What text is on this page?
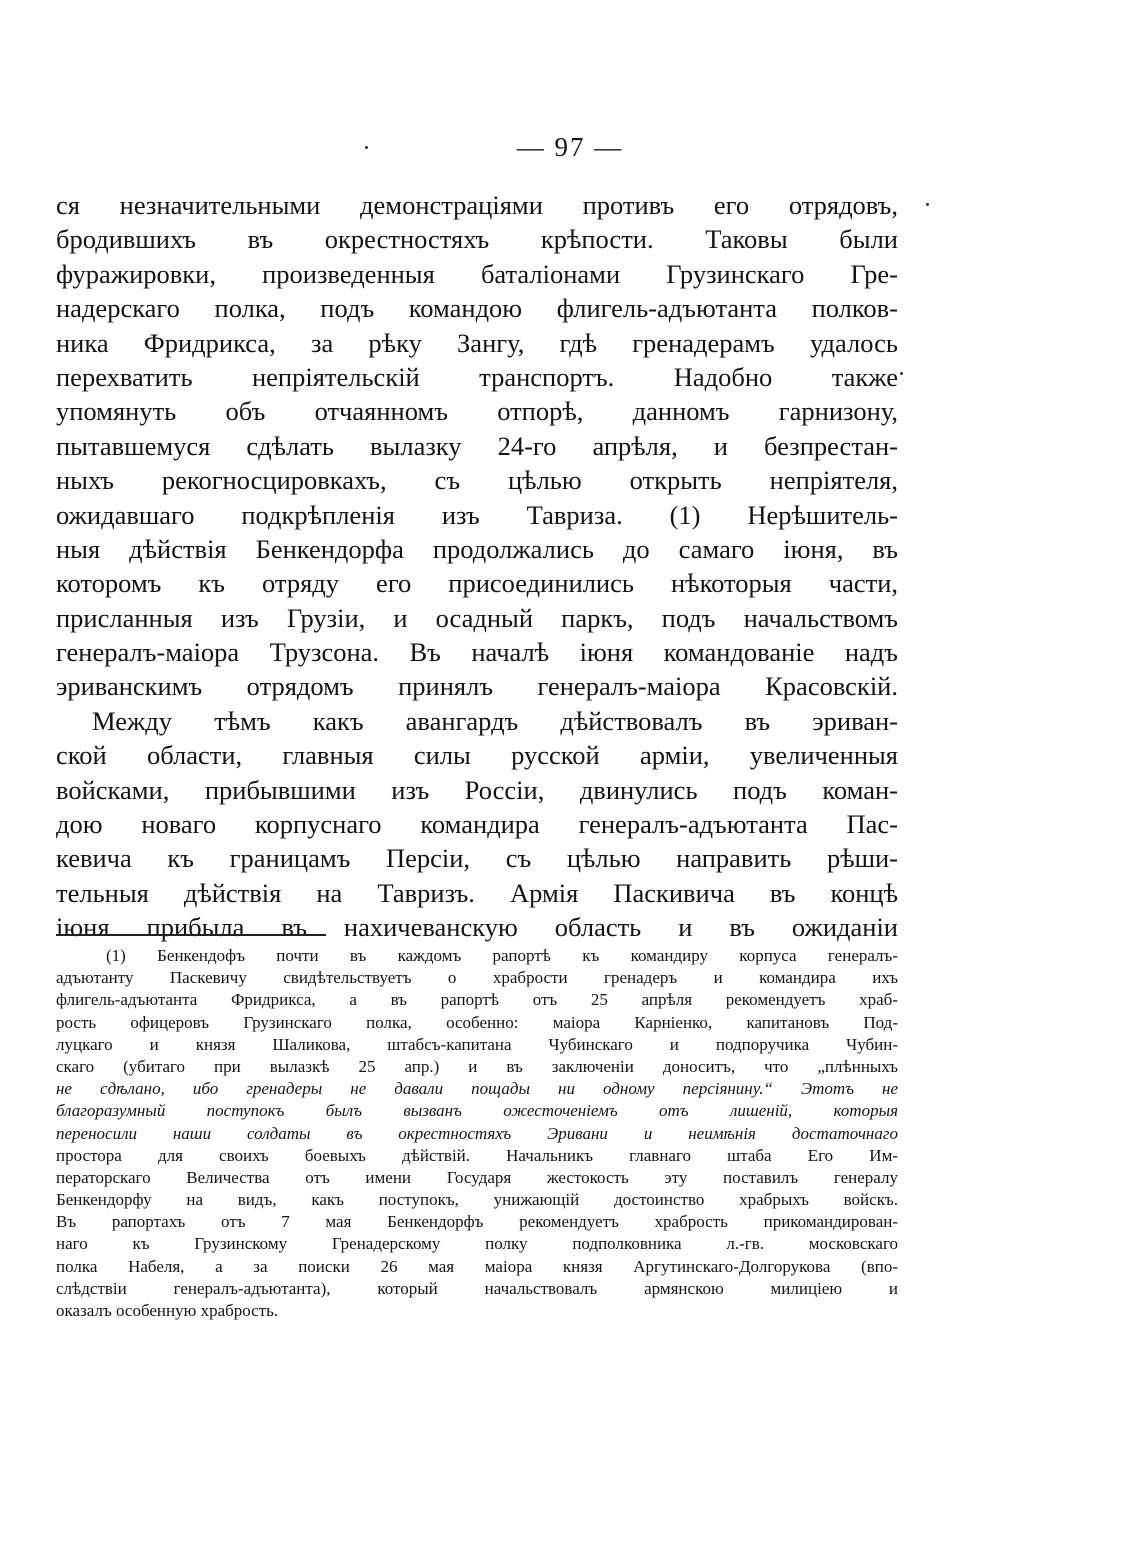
— 97 —
ся незначительными демонстраціями противъ его отрядовъ,
бродившихъ въ окрестностяхъ крѣпости. Таковы были
фуражировки, произведенныя баталіонами Грузинскаго Гре-
надерскаго полка, подъ командою флигель-адъютанта полков-
ника Фридрикса, за рѣку Зангу, гдѣ гренадерамъ удалось
перехватить непріятельскій транспортъ. Надобно также
упомянуть объ отчаянномъ отпорѣ, данномъ гарнизону,
пытавшемуся сдѣлать вылазку 24-го апрѣля, и безпрестан-
ныхъ рекогносцировкахъ, съ цѣлью открыть непріятеля,
ожидавшаго подкрѣпленія изъ Тавриза. (1) Нерѣшитель-
ныя дѣйствія Бенкендорфа продолжались до самаго іюня, въ
которомъ къ отряду его присоединились нѣкоторыя части,
присланныя изъ Грузіи, и осадный паркъ, подъ начальствомъ
генералъ-маіора Трузсона. Въ началѣ іюня командованіе надъ
эриванскимъ отрядомъ принялъ генералъ-маіора Красовскій.
Между тѣмъ какъ авангардъ дѣйствовалъ въ эриван-
ской области, главныя силы русской арміи, увеличенныя
войсками, прибывшими изъ Россіи, двинулись подъ коман-
дою новаго корпуснаго командира генералъ-адъютанта Пас-
кевича къ границамъ Персіи, съ цѣлью направить рѣши-
тельныя дѣйствія на Тавризъ. Армія Паскивича въ концѣ
іюня прибыла въ нахичеванскую область и въ ожиданіи
(1) Бенкендофъ почти въ каждомъ рапортѣ къ командиру корпуса генералъ-
адъютанту Паскевичу свидѣтельствуетъ о храбрости гренадеръ и командира ихъ
флигель-адъютанта Фридрикса, а въ рапортѣ отъ 25 апрѣля рекомендуетъ храб-
рость офицеровъ Грузинскаго полка, особенно: маіора Карніенко, капитановъ Под-
луцкаго и князя Шаликова, штабсъ-капитана Чубинскаго и подпоручика Чубин-
скаго (убитаго при вылазкѣ 25 апр.) и въ заключеніи доноситъ, что „плѣнныхъ
не сдѣлано, ибо гренадеры не давали пощады ни одному персіянину.“ Этотъ не
благоразумный поступокъ былъ вызванъ ожесточеніемъ отъ лишеній, которыя
переносили наши солдаты въ окрестностяхъ Эривани и неимѣнія достаточнаго
простора для своихъ боевыхъ дѣйствій. Начальникъ главнаго штаба Его Им-
ператорскаго Величества отъ имени Государя жестокость эту поставилъ генералу
Бенкендорфу на видъ, какъ поступокъ, унижающій достоинство храбрыхъ войскъ.
Въ рапортахъ отъ 7 мая Бенкендорфъ рекомендуетъ храбрость прикомандирован-
наго къ Грузинскому Гренадерскому полку подполковника л.-гв. московскаго
полка Набеля, а за поиски 26 мая маіора князя Аргутинскаго-Долгорукова (впо-
слѣдствіи генералъ-адъютанта), который начальствовалъ армянскою милиціею и
оказалъ особенную храбрость.
